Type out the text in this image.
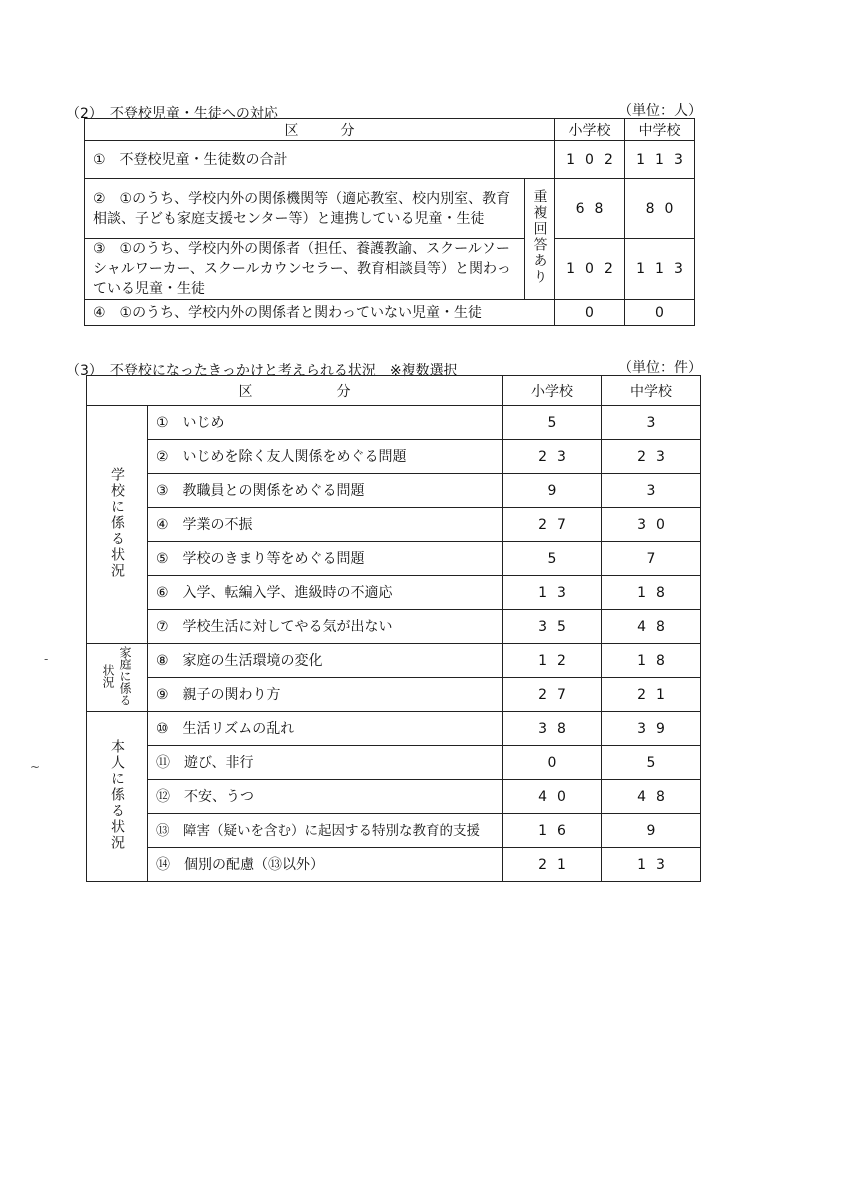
（2）　不登校児童・生徒への対応	（単位：人）
区　　　分		小学校	中学校
①　不登校児童・生徒数の合計		102	113
②　①のうち、学校内外の関係機関等（適応教室、校内別室、教育相談、子ども家庭支援センター等）と連携している児童・生徒	重複回答あり	68	80
③　①のうち、学校内外の関係者（担任、養護教諭、スクールソーシャルワーカー、スクールカウンセラー、教育相談員等）と関わっている児童・生徒		102	113
④　①のうち、学校内外の関係者と関わっていない児童・生徒		0	0
（3）　不登校になったきっかけと考えられる状況　※複数選択	（単位：件）
区　　　　　　分		小学校	中学校
学校に係る状況	①　いじめ	5	3
	②　いじめを除く友人関係をめぐる問題	23	23
	③　教職員との関係をめぐる問題	9	3
	④　学業の不振	27	30
	⑤　学校のきまり等をめぐる問題	5	7
	⑥　入学、転編入学、進級時の不適応	13	18
	⑦　学校生活に対してやる気が出ない	35	48
家庭に係る状況	⑧　家庭の生活環境の変化	12	18
	⑨　親子の関わり方	27	21
本人に係る状況	⑩　生活リズムの乱れ	38	39
	⑪　遊び、非行	0	5
	⑫　不安、うつ	40	48
	⑬　障害（疑いを含む）に起因する特別な教育的支援	16	9
	⑭　個別の配慮（⑬以外）	21	13
-
~
